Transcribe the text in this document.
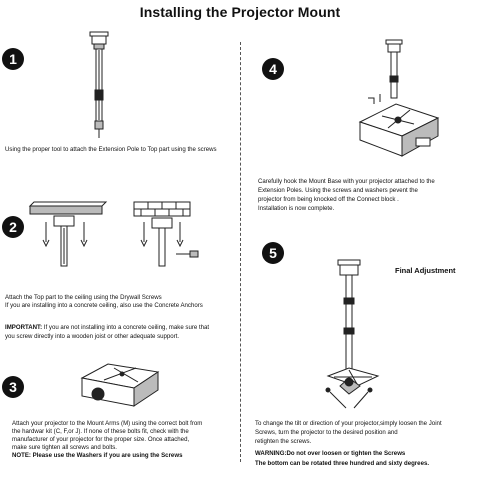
Installing the Projector Mount
1
Using the proper tool to attach the Extension Pole to Top part using the screws
2
Attach the Top part to the ceiling using the Drywall Screws
If you are installing into a concrete ceiling, also use the Concrete Anchors
IMPORTANT: If you are not installing into a concrete ceiling, make sure that
you screw directly into a wooden joist or other adequate support.
3
Attach your projector to the Mount Arms (M) using the correct bolt from
the hardwar kit (C, F,or J). If none of these bolts fit, check with the
manufacturer of your projector for the proper size. Once attached,
make sure tighten all screws and bolts.
NOTE: Please use the Washers if you are using the Screws
4
Carefully hook the Mount Base with your projector attached to the
Extension Poles. Using the screws and washers pevent the
projector from being knocked off the Connect block .
Installation is now complete.
5
Final Adjustment
To change the tilt or direction of your projector,simply loosen the Joint
Screws, turn the projector to the desired position and
retighten the screws.
WARNING:Do not over loosen or tighten the Screws
The bottom can be rotated three hundred and sixty degrees.
